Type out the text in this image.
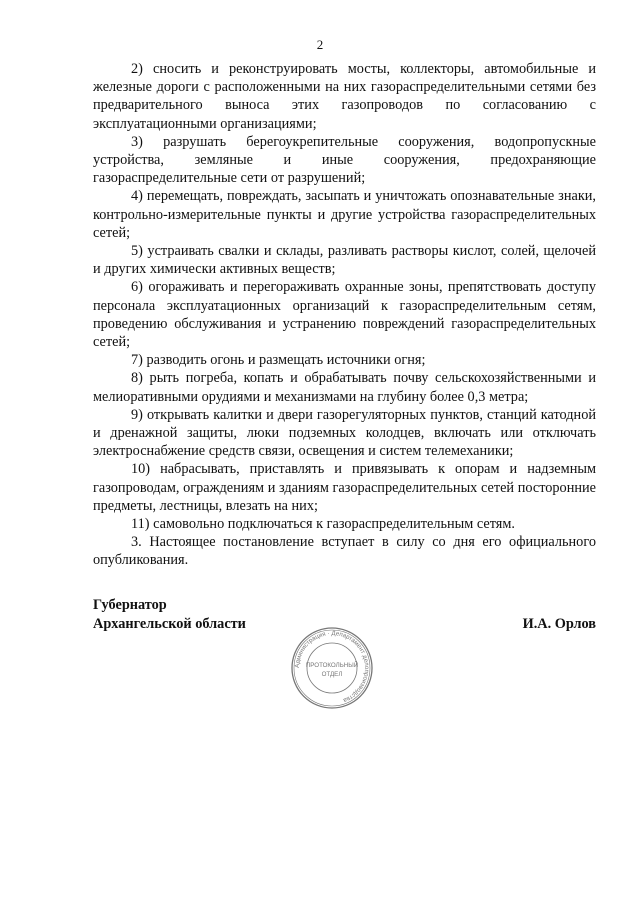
2

2) сносить и реконструировать мосты, коллекторы, автомобильные и железные дороги с расположенными на них газораспределительными сетями без предварительного выноса этих газопроводов по согласованию с эксплуатационными организациями;

3) разрушать берегоукрепительные сооружения, водопропускные устройства, земляные и иные сооружения, предохраняющие газораспределительные сети от разрушений;

4) перемещать, повреждать, засыпать и уничтожать опознавательные знаки, контрольно-измерительные пункты и другие устройства газораспределительных сетей;

5) устраивать свалки и склады, разливать растворы кислот, солей, щелочей и других химически активных веществ;

6) огораживать и перегораживать охранные зоны, препятствовать доступу персонала эксплуатационных организаций к газораспределительным сетям, проведению обслуживания и устранению повреждений газораспределительных сетей;

7) разводить огонь и размещать источники огня;

8) рыть погреба, копать и обрабатывать почву сельскохозяйственными и мелиоративными орудиями и механизмами на глубину более 0,3 метра;

9) открывать калитки и двери газорегуляторных пунктов, станций катодной и дренажной защиты, люки подземных колодцев, включать или отключать электроснабжение средств связи, освещения и систем телемеханики;

10) набрасывать, приставлять и привязывать к опорам и надземным газопроводам, ограждениям и зданиям газораспределительных сетей посторонние предметы, лестницы, влезать на них;

11) самовольно подключаться к газораспределительным сетям.

3. Настоящее постановление вступает в силу со дня его официального опубликования.

Губернатор
Архангельской области	И.А. Орлов
Администрация · Департамент делопроизводства
ПРОТОКОЛЬНЫЙ
ОТДЕЛ
